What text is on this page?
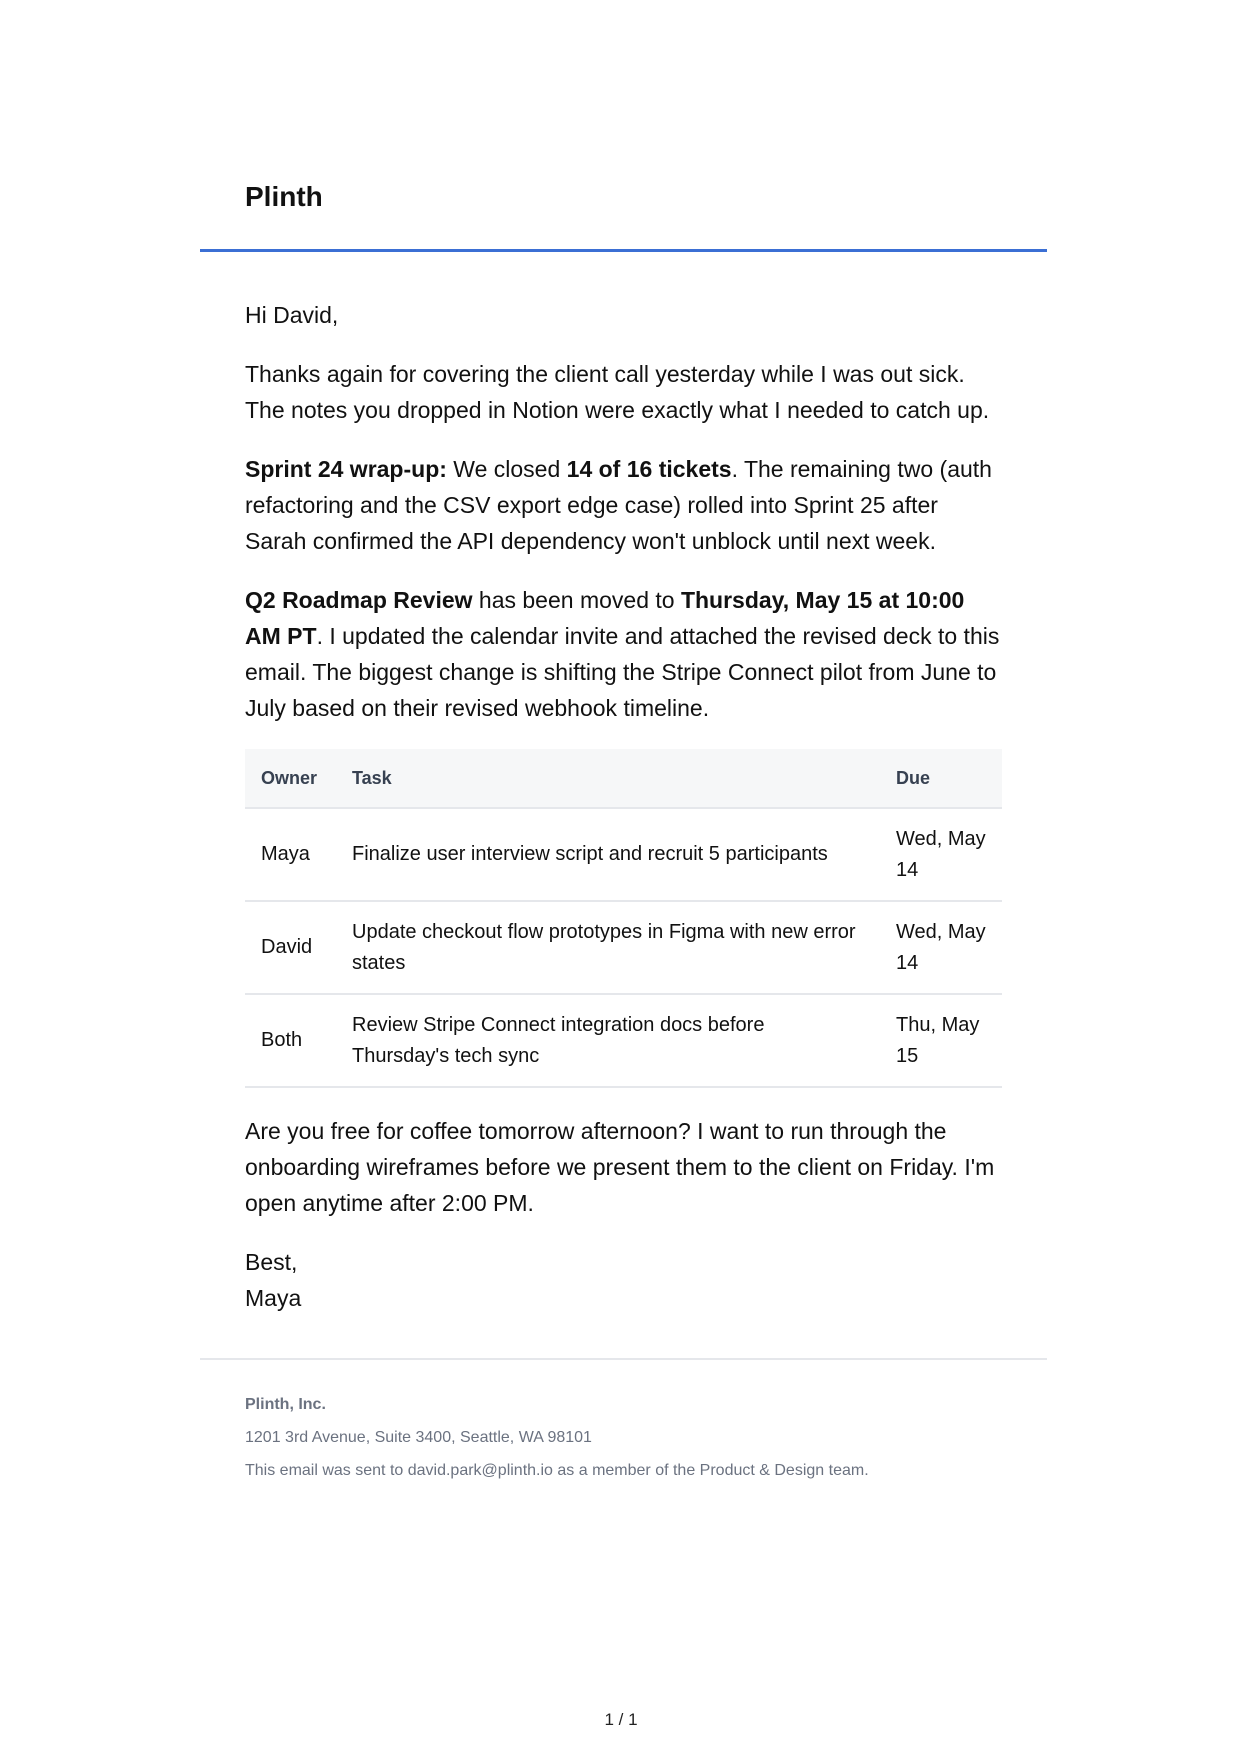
Plinth

Hi David,

Thanks again for covering the client call yesterday while I was out sick. The notes you dropped in Notion were exactly what I needed to catch up.

Sprint 24 wrap-up: We closed 14 of 16 tickets. The remaining two (auth refactoring and the CSV export edge case) rolled into Sprint 25 after Sarah confirmed the API dependency won't unblock until next week.

Q2 Roadmap Review has been moved to Thursday, May 15 at 10:00 AM PT. I updated the calendar invite and attached the revised deck to this email. The biggest change is shifting the Stripe Connect pilot from June to July based on their revised webhook timeline.

Owner	Task	Due
Maya	Finalize user interview script and recruit 5 participants	Wed, May 14
David	Update checkout flow prototypes in Figma with new error states	Wed, May 14
Both	Review Stripe Connect integration docs before Thursday's tech sync	Thu, May 15

Are you free for coffee tomorrow afternoon? I want to run through the onboarding wireframes before we present them to the client on Friday. I'm open anytime after 2:00 PM.

Best,
Maya

Plinth, Inc.
1201 3rd Avenue, Suite 3400, Seattle, WA 98101
This email was sent to david.park@plinth.io as a member of the Product & Design team.
1 / 1
